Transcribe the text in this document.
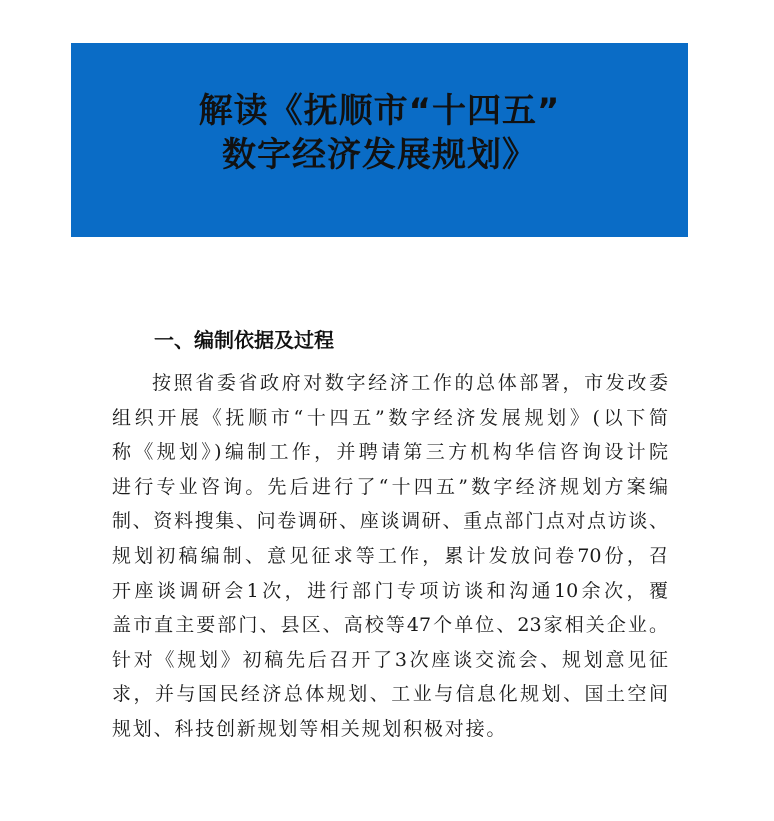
解读《抚顺市“十四五”
数字经济发展规划》
一、编制依据及过程
按照省委省政府对数字经济工作的总体部署，市发改委
组织开展《抚顺市“十四五”数字经济发展规划》(以下简
称《规划》)编制工作，并聘请第三方机构华信咨询设计院
进行专业咨询。先后进行了“十四五”数字经济规划方案编
制、资料搜集、问卷调研、座谈调研、重点部门点对点访谈、
规划初稿编制、意见征求等工作，累计发放问卷70份，召
开座谈调研会1次，进行部门专项访谈和沟通10余次，覆
盖市直主要部门、县区、高校等47个单位、23家相关企业。
针对《规划》初稿先后召开了3次座谈交流会、规划意见征
求，并与国民经济总体规划、工业与信息化规划、国土空间
规划、科技创新规划等相关规划积极对接。
